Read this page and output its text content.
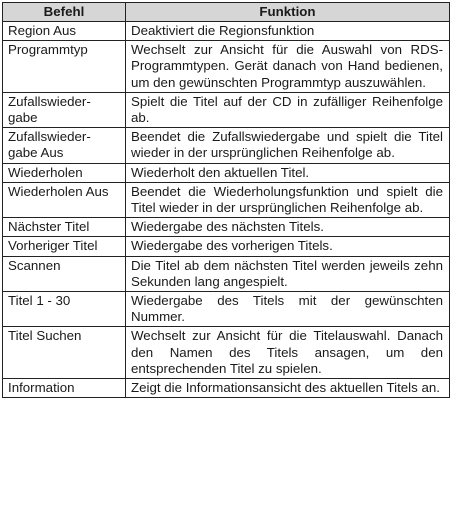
Befehl	Funktion
Region Aus	Deaktiviert die Regionsfunktion
Programmtyp	Wechselt zur Ansicht für die Auswahl von RDS-Programmtypen. Gerät danach von Hand bedienen, um den gewünschten Programmtyp auszuwählen.
Zufallswieder-gabe	Spielt die Titel auf der CD in zufälliger Reihenfolge ab.
Zufallswieder-gabe Aus	Beendet die Zufallswiedergabe und spielt die Titel wieder in der ursprünglichen Reihenfolge ab.
Wiederholen	Wiederholt den aktuellen Titel.
Wiederholen Aus	Beendet die Wiederholungsfunktion und spielt die Titel wieder in der ursprünglichen Reihenfolge ab.
Nächster Titel	Wiedergabe des nächsten Titels.
Vorheriger Titel	Wiedergabe des vorherigen Titels.
Scannen	Die Titel ab dem nächsten Titel werden jeweils zehn Sekunden lang angespielt.
Titel 1 - 30	Wiedergabe des Titels mit der gewünschten Nummer.
Titel Suchen	Wechselt zur Ansicht für die Titelauswahl. Danach den Namen des Titels ansagen, um den entsprechenden Titel zu spielen.
Information	Zeigt die Informationsansicht des aktuellen Titels an.
